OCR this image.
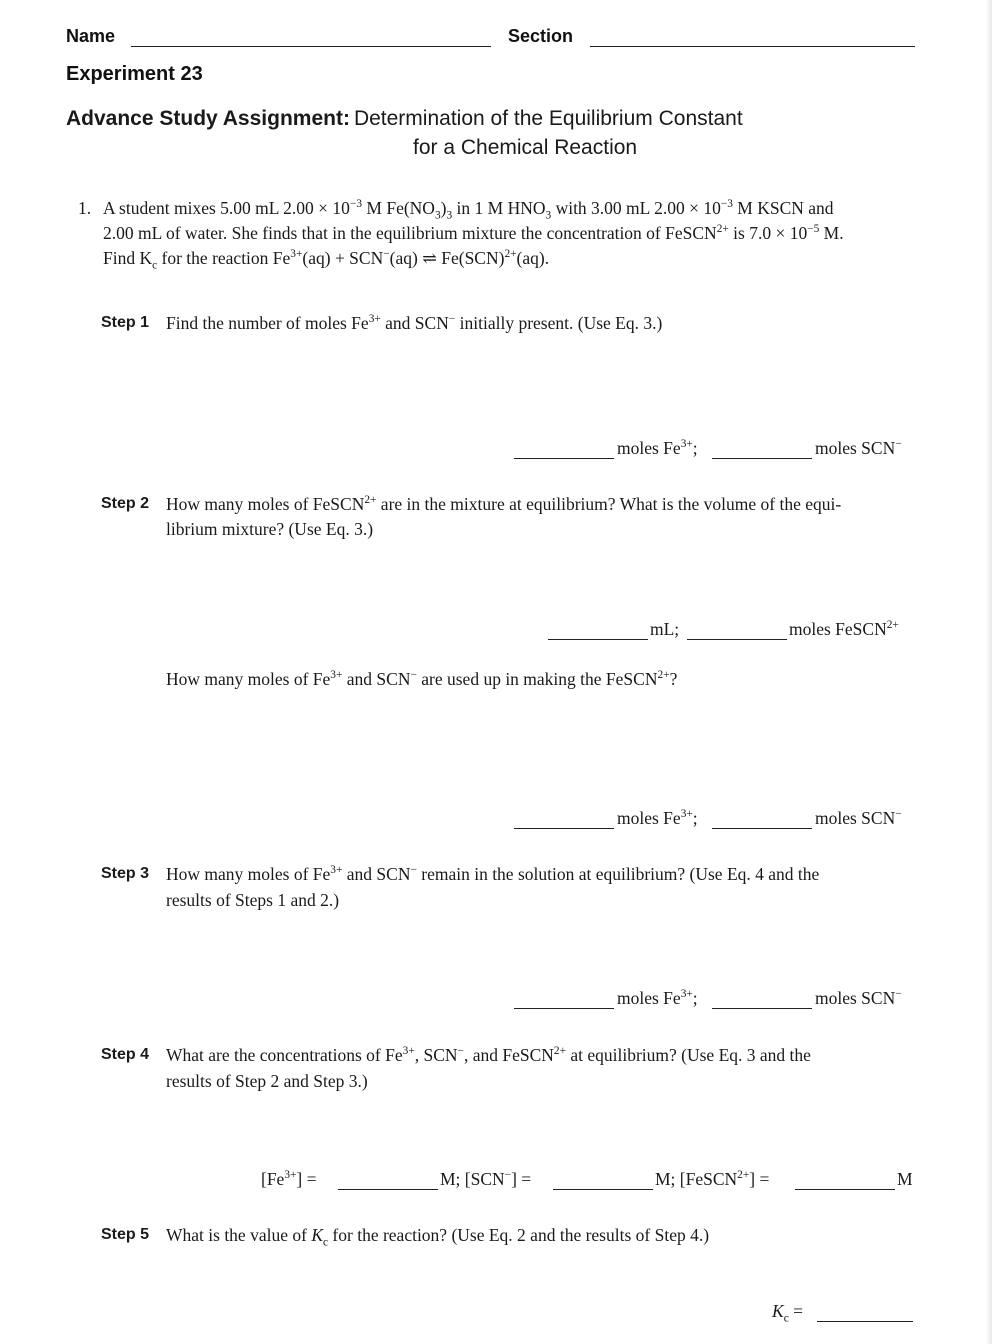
Name	Section
Experiment 23
Advance Study Assignment: Determination of the Equilibrium Constant
for a Chemical Reaction
1. A student mixes 5.00 mL $2.00 \times 10^{-3}$ M $Fe(NO_3)_3$ in 1 M $HNO_3$ with 3.00 mL $2.00 \times 10^{-3}$ M KSCN and
2.00 mL of water. She finds that in the equilibrium mixture the concentration of FeSCN$^{2+}$ is $7.0 \times 10^{-5}$ M.
Find $K_c$ for the reaction $Fe^{3+}(aq) + SCN^-(aq)$ ⇌ Fe(SCN)$^{2+}$(aq).
Step 1 Find the number of moles $Fe^{3+}$ and SCN− initially present. (Use Eq. 3.)
moles $Fe^{3+}$;	moles SCN−
Step 2 How many moles of FeSCN$^{2+}$ are in the mixture at equilibrium? What is the volume of the equi-
librium mixture? (Use Eq. 3.)
mL;	moles FeSCN$^{2+}$
How many moles of $Fe^{3+}$ and SCN− are used up in making the FeSCN$^{2+}$?
moles $Fe^{3+}$;	moles SCN−
Step 3 How many moles of $Fe^{3+}$ and SCN− remain in the solution at equilibrium? (Use Eq. 4 and the
results of Steps 1 and 2.)
moles $Fe^{3+}$;	moles SCN−
Step 4 What are the concentrations of $Fe^{3+}$, SCN−, and FeSCN$^{2+}$ at equilibrium? (Use Eq. 3 and the
results of Step 2 and Step 3.)
$[Fe^{3+}]$ =	M; [SCN−] =	M; [FeSCN$^{2+}$] =	M
Step 5 What is the value of $K_c$ for the reaction? (Use Eq. 2 and the results of Step 4.)
$K_c$ =
